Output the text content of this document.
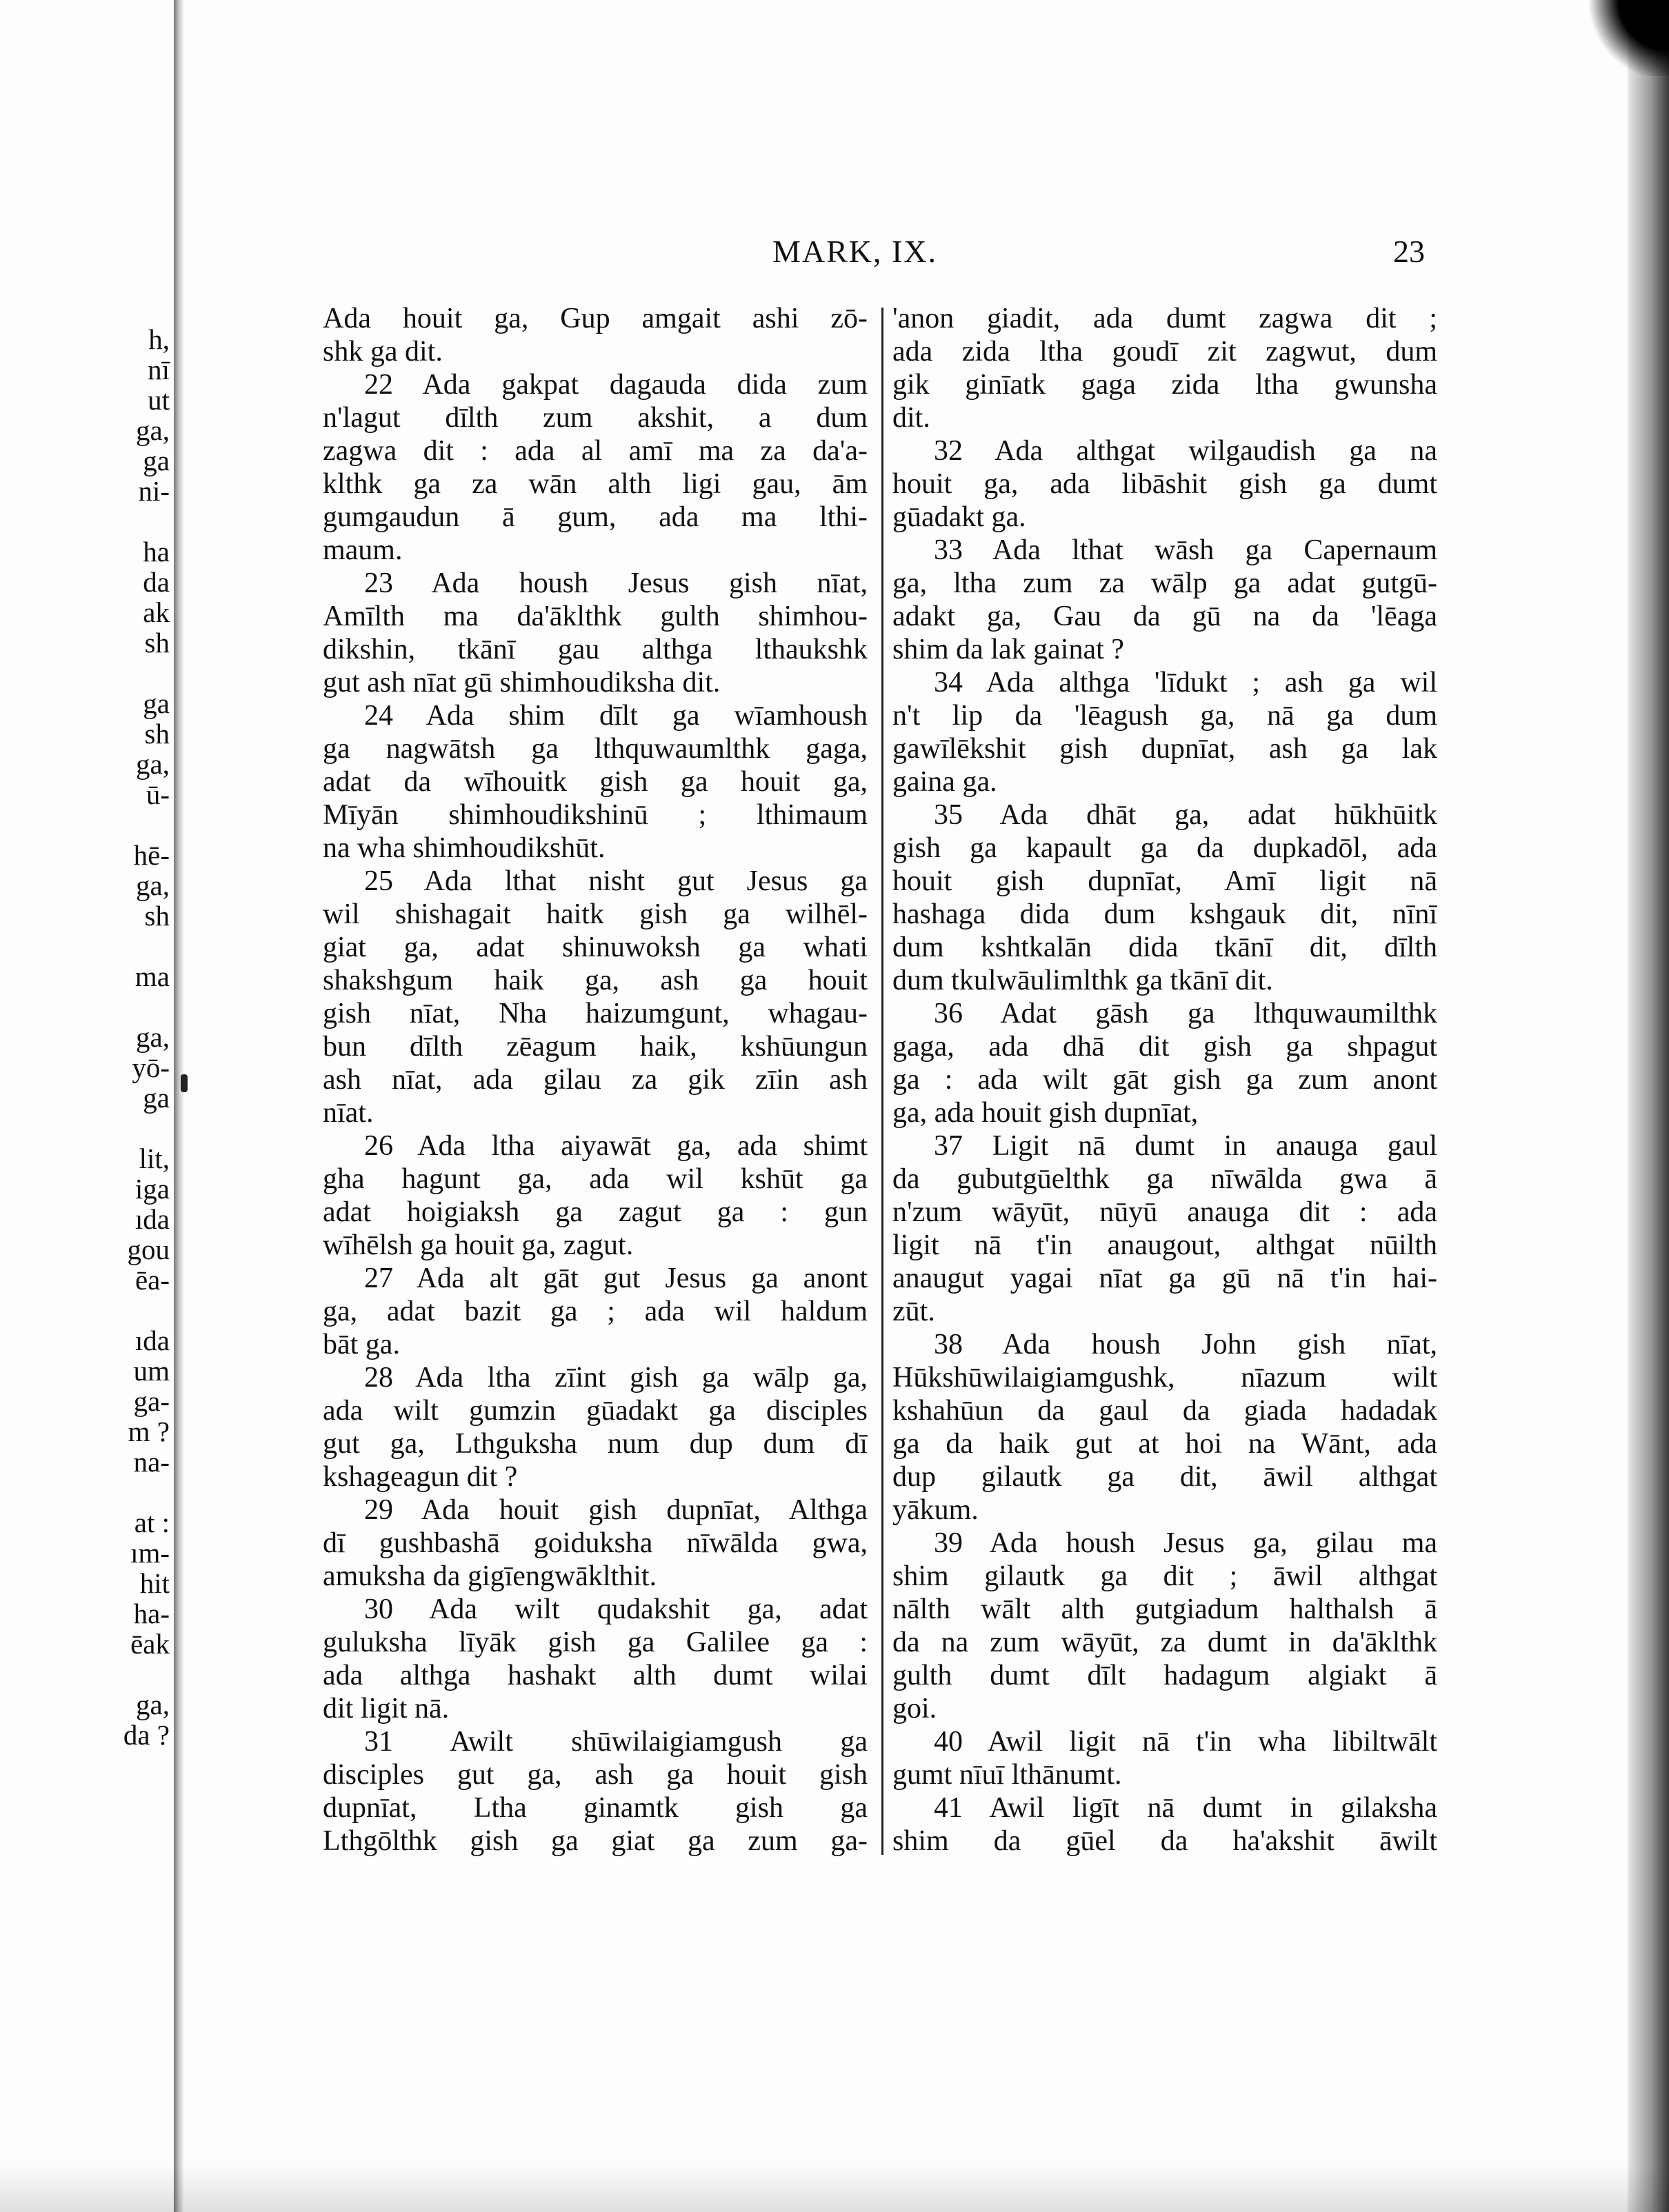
h,
nī
ut
ga,
ga
ni-
ha
da
ak
sh
ga
sh
ga,
ū-
hē-
ga,
sh
ma
ga,
yō-
ga
lit,
iga
ıda
gou
ēa-
ıda
um
ga-
m ?
na-
at :
ım-
hit
ha-
ēak
ga,
da ?
MARK, IX.	23
Ada houit ga, Gup amgait ashi zō-
shk ga dit.
22 Ada gakpat dagauda dida zum
n'lagut dīlth zum akshit, a dum
zagwa dit : ada al amī ma za da'a-
klthk ga za wān alth ligi gau, ām
gumgaudun ā gum, ada ma lthi-
maum.
23 Ada housh Jesus gish nīat,
Amīlth ma da'āklthk gulth shimhou-
dikshin, tkānī gau althga lthaukshk
gut ash nīat gū shimhoudiksha dit.
24 Ada shim dīlt ga wīamhoush
ga nagwātsh ga lthquwaumlthk gaga,
adat da wīhouitk gish ga houit ga,
Mīyān shimhoudikshinū ; lthimaum
na wha shimhoudikshūt.
25 Ada lthat nisht gut Jesus ga
wil shishagait haitk gish ga wilhēl-
giat ga, adat shinuwoksh ga whati
shakshgum haik ga, ash ga houit
gish nīat, Nha haizumgunt, whagau-
bun dīlth zēagum haik, kshūungun
ash nīat, ada gilau za gik zīin ash
nīat.
26 Ada ltha aiyawāt ga, ada shimt
gha hagunt ga, ada wil kshūt ga
adat hoigiaksh ga zagut ga : gun
wīhēlsh ga houit ga, zagut.
27 Ada alt gāt gut Jesus ga anont
ga, adat bazit ga ; ada wil haldum
bāt ga.
28 Ada ltha zīint gish ga wālp ga,
ada wilt gumzin gūadakt ga disciples
gut ga, Lthguksha num dup dum dī
kshageagun dit ?
29 Ada houit gish dupnīat, Althga
dī gushbashā goiduksha nīwālda gwa,
amuksha da gigīengwāklthit.
30 Ada wilt qudakshit ga, adat
guluksha līyāk gish ga Galilee ga :
ada althga hashakt alth dumt wilai
dit ligit nā.
31 Awilt shūwilaigiamgush ga
disciples gut ga, ash ga houit gish
dupnīat, Ltha ginamtk gish ga
Lthgōlthk gish ga giat ga zum ga-
'anon giadit, ada dumt zagwa dit ;
ada zida ltha goudī zit zagwut, dum
gik ginīatk gaga zida ltha gwunsha
dit.
32 Ada althgat wilgaudish ga na
houit ga, ada libāshit gish ga dumt
gūadakt ga.
33 Ada lthat wāsh ga Capernaum
ga, ltha zum za wālp ga adat gutgū-
adakt ga, Gau da gū na da 'lēaga
shim da lak gainat ?
34 Ada althga 'līdukt ; ash ga wil
n't lip da 'lēagush ga, nā ga dum
gawīlēkshit gish dupnīat, ash ga lak
gaina ga.
35 Ada dhāt ga, adat hūkhūitk
gish ga kapault ga da dupkadōl, ada
houit gish dupnīat, Amī ligit nā
hashaga dida dum kshgauk dit, nīnī
dum kshtkalān dida tkānī dit, dīlth
dum tkulwāulimlthk ga tkānī dit.
36 Adat gāsh ga lthquwaumilthk
gaga, ada dhā dit gish ga shpagut
ga : ada wilt gāt gish ga zum anont
ga, ada houit gish dupnīat,
37 Ligit nā dumt in anauga gaul
da gubutgūelthk ga nīwālda gwa ā
n'zum wāyūt, nūyū anauga dit : ada
ligit nā t'in anaugout, althgat nūilth
anaugut yagai nīat ga gū nā t'in hai-
zūt.
38 Ada housh John gish nīat,
Hūkshūwilaigiamgushk, nīazum wilt
kshahūun da gaul da giada hadadak
ga da haik gut at hoi na Wānt, ada
dup gilautk ga dit, āwil althgat
yākum.
39 Ada housh Jesus ga, gilau ma
shim gilautk ga dit ; āwil althgat
nālth wālt alth gutgiadum halthalsh ā
da na zum wāyūt, za dumt in da'āklthk
gulth dumt dīlt hadagum algiakt ā
goi.
40 Awil ligit nā t'in wha libiltwālt
gumt nīuī lthānumt.
41 Awil ligīt nā dumt in gilaksha
shim da gūel da ha'akshit āwilt
